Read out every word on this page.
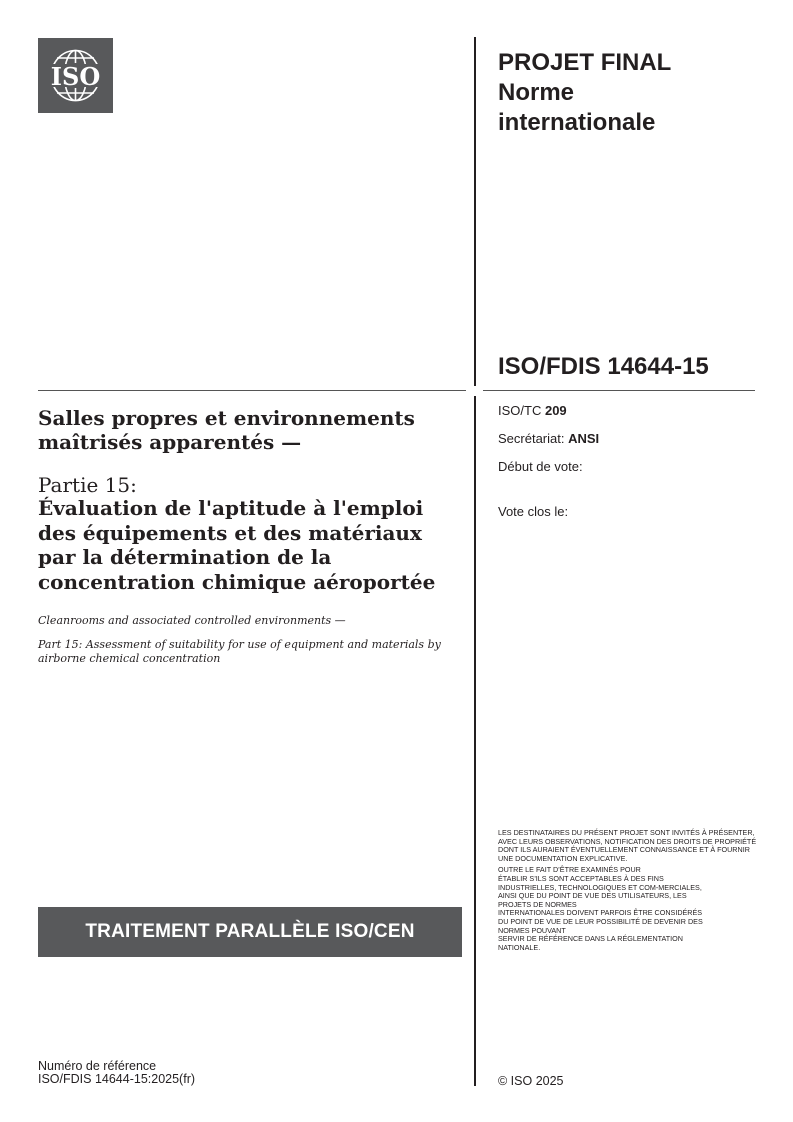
ISO	PROJET FINAL
Norme
internationale
ISO/FDIS 14644-15
ISO/TC 209
Secrétariat: ANSI
Début de vote:
Vote clos le:
Salles propres et environnements maîtrisés apparentés —
Partie 15:
Évaluation de l'aptitude à l'emploi des équipements et des matériaux par la détermination de la concentration chimique aéroportée
Cleanrooms and associated controlled environments —
Part 15: Assessment of suitability for use of equipment and materials by airborne chemical concentration

LES DESTINATAIRES DU PRÉSENT PROJET SONT INVITÉS À PRÉSENTER, AVEC LEURS OBSERVATIONS, NOTIFICATION DES DROITS DE PROPRIÉTÉ DONT ILS AURAIENT ÉVENTUELLEMENT CONNAISSANCE ET À FOURNIR UNE DOCUMENTATION EXPLICATIVE.

OUTRE LE FAIT D’ÊTRE EXAMINÉS POUR
ÉTABLIR S’ILS SONT ACCEPTABLES À DES FINS
INDUSTRIELLES, TECHNOLOGIQUES ET COM-MERCIALES,
AINSI QUE DU POINT DE VUE DES UTILISATEURS, LES
PROJETS DE NORMES
INTERNATIONALES DOIVENT PARFOIS ÊTRE CONSIDÉRÉS
DU POINT DE VUE DE LEUR POSSIBILITÉ DE DEVENIR DES
NORMES POUVANT
SERVIR DE RÉFÉRENCE DANS LA RÉGLEMENTATION
NATIONALE.

TRAITEMENT PARALLÈLE ISO/CEN
Numéro de référence
ISO/FDIS 14644-15:2025(fr)	© ISO 2025
